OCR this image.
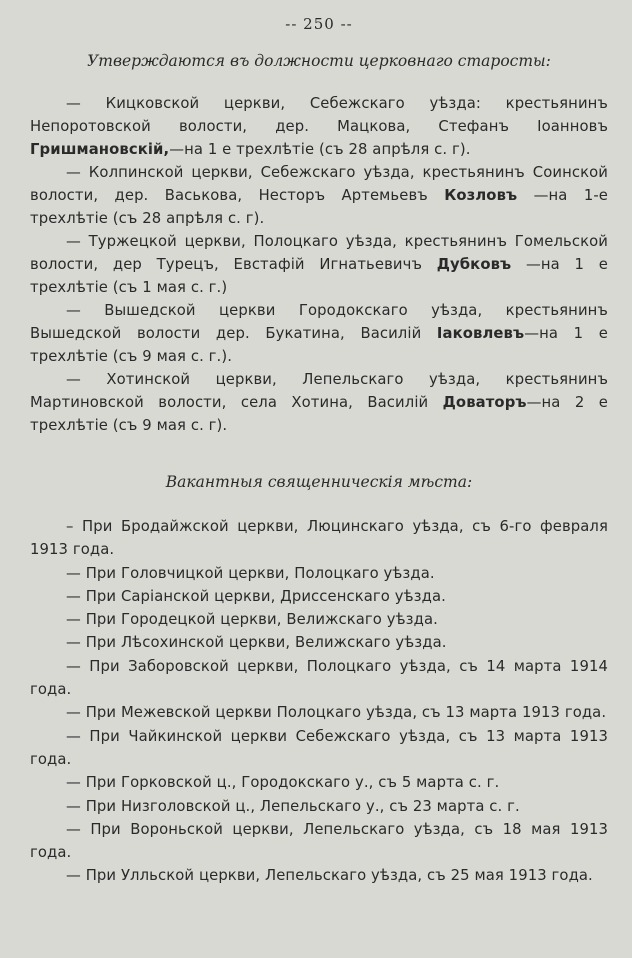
-- 250 --
Утверждаются въ должности церковнаго старосты:

— Кицковской церкви, Себежскаго уѣзда: крестьянинъ Непоротовской волости, дер. Мацкова, Стефанъ Іоанновъ Гришмановскій,—на 1 е трехлѣтіе (съ 28 апрѣля с. г).

— Колпинской церкви, Себежскаго уѣзда, крестьянинъ Соинской волости, дер. Васькова, Несторъ Артемьевъ Козловъ —на 1-е трехлѣтіе (съ 28 апрѣля с. г).

— Туржецкой церкви, Полоцкаго уѣзда, крестьянинъ Гомельской волости, дер Турецъ, Евстафій Игнатьевичъ Дубковъ —на 1 е трехлѣтіе (съ 1 мая с. г.)

— Вышедской церкви Городокскаго уѣзда, крестьянинъ Вышедской волости дер. Букатина, Василій Іаковлевъ—на 1 е трехлѣтіе (съ 9 мая с. г.).

— Хотинской церкви, Лепельскаго уѣзда, крестьянинъ Мартиновской волости, села Хотина, Василій Доваторъ—на 2 е трехлѣтіе (съ 9 мая с. г).

Вакантныя священническія мѣста:

– При Бродайжской церкви, Люцинскаго уѣзда, съ 6-го февраля 1913 года.

— При Головчицкой церкви, Полоцкаго уѣзда.

— При Саріанской церкви, Дриссенскаго уѣзда.

— При Городецкой церкви, Велижскаго уѣзда.

— При Лѣсохинской церкви, Велижскаго уѣзда.

— При Заборовской церкви, Полоцкаго уѣзда, съ 14 марта 1914 года.

— При Межевской церкви Полоцкаго уѣзда, съ 13 марта 1913 года.

— При Чайкинской церкви Себежскаго уѣзда, съ 13 марта 1913 года.

— При Горковской ц., Городокскаго у., съ 5 марта с. г.

— При Низголовской ц., Лепельскаго у., съ 23 марта с. г.

— При Вороньской церкви, Лепельскаго уѣзда, съ 18 мая 1913 года.

— При Улльской церкви, Лепельскаго уѣзда, съ 25 мая 1913 года.
